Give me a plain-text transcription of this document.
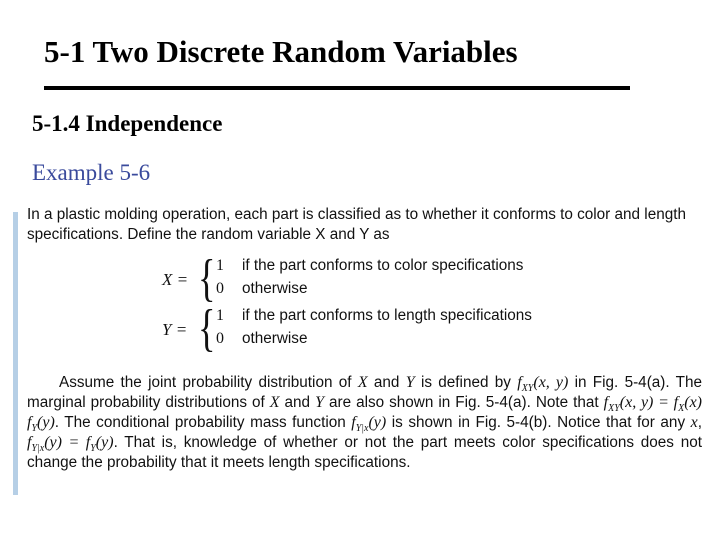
5-1 Two Discrete Random Variables
5-1.4 Independence
Example 5-6

In a plastic molding operation, each part is classified as to whether it conforms to color and length specifications. Define the random variable X and Y as

X = { 1 if the part conforms to color specifications
0 otherwise
Y = { 1 if the part conforms to length specifications
0 otherwise

Assume the joint probability distribution of X and Y is defined by $f_{XY}(x$, y) in Fig. 5-4(a). The marginal probability distributions of X and Y are also shown in Fig. 5-4(a). Note that $f_{XY}(x$, $y) = f_X(x)$ $f_Y(y)$. The conditional probability mass function $f_{Y|x}(y)$ is shown in Fig. 5-4(b). Notice that for any x, $f_{Y|x}(y) = f_Y(y)$. That is, knowledge of whether or not the part meets color specifications does not change the probability that it meets length specifications.
